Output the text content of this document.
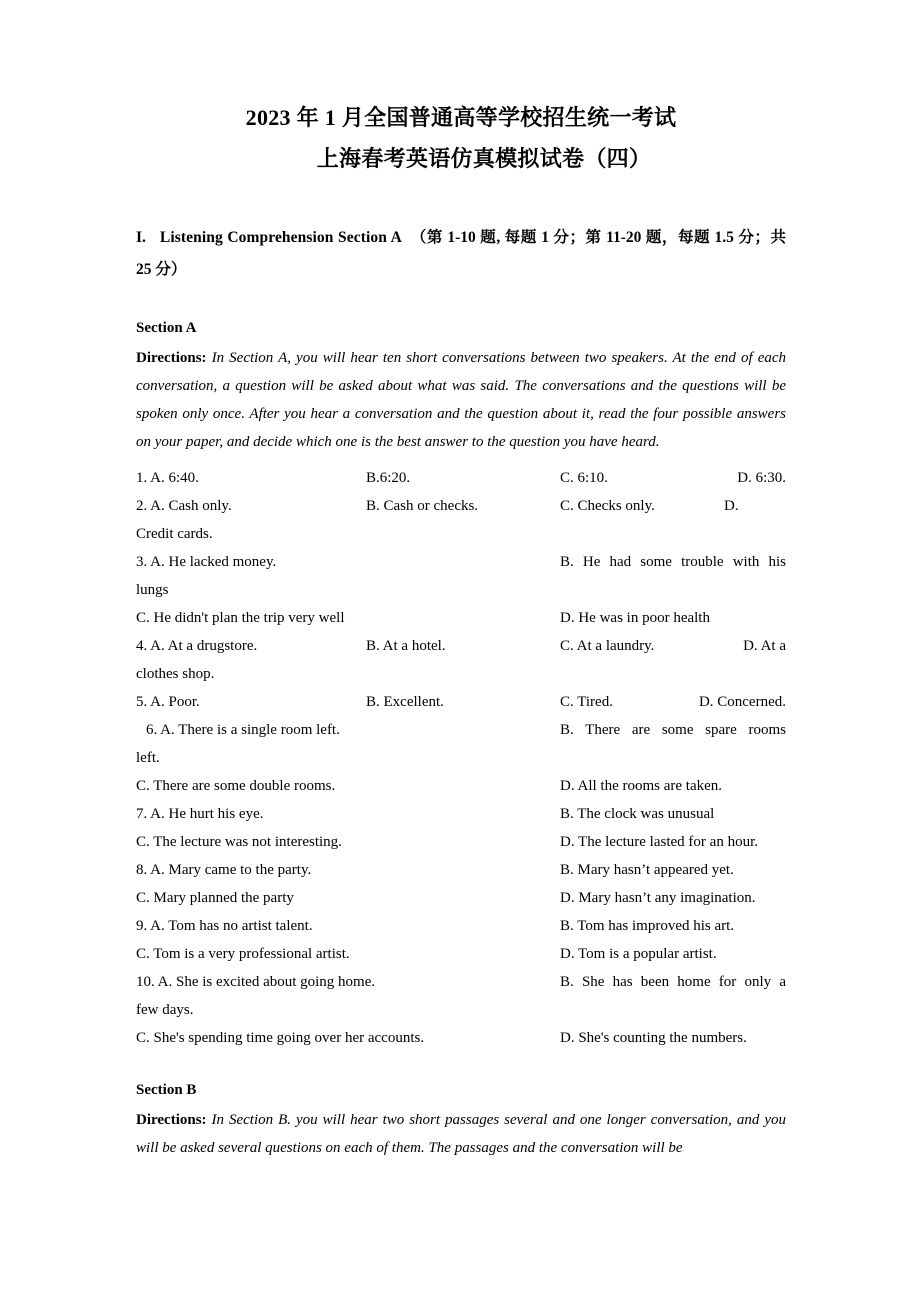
2023 年 1 月全国普通高等学校招生统一考试
上海春考英语仿真模拟试卷（四）
I. Listening Comprehension Section A （第 1-10 题, 每题 1 分；第 11-20 题，每题 1.5 分；共 25 分）
Section A
Directions: In Section A, you will hear ten short conversations between two speakers. At the end of each conversation, a question will be asked about what was said. The conversations and the questions will be spoken only once. After you hear a conversation and the question about it, read the four possible answers on your paper, and decide which one is the best answer to the question you have heard.
1. A. 6:40.	B.6:20.	C. 6:10.	D. 6:30.
2. A. Cash only.	B. Cash or checks.	C. Checks only.	D.
Credit cards.
3. A. He lacked money.	B. He had some trouble with his
lungs
C. He didn't plan the trip very well	D. He was in poor health
4. A. At a drugstore.	B. At a hotel.	C. At a laundry.	D. At a
clothes shop.
5. A. Poor.	B. Excellent.	C. Tired.	D. Concerned.
6. A. There is a single room left.	B. There are some spare rooms
left.
C. There are some double rooms.	D. All the rooms are taken.
7. A. He hurt his eye.	B. The clock was unusual
C. The lecture was not interesting.	D. The lecture lasted for an hour.
8. A. Mary came to the party.	B. Mary hasn’t appeared yet.
C. Mary planned the party	D. Mary hasn’t any imagination.
9. A. Tom has no artist talent.	B. Tom has improved his art.
C. Tom is a very professional artist.	D. Tom is a popular artist.
10. A. She is excited about going home.	B. She has been home for only a
few days.
C. She's spending time going over her accounts.	D. She's counting the numbers.
Section B
Directions: In Section B. you will hear two short passages several and one longer conversation, and you will be asked several questions on each of them. The passages and the conversation will be
